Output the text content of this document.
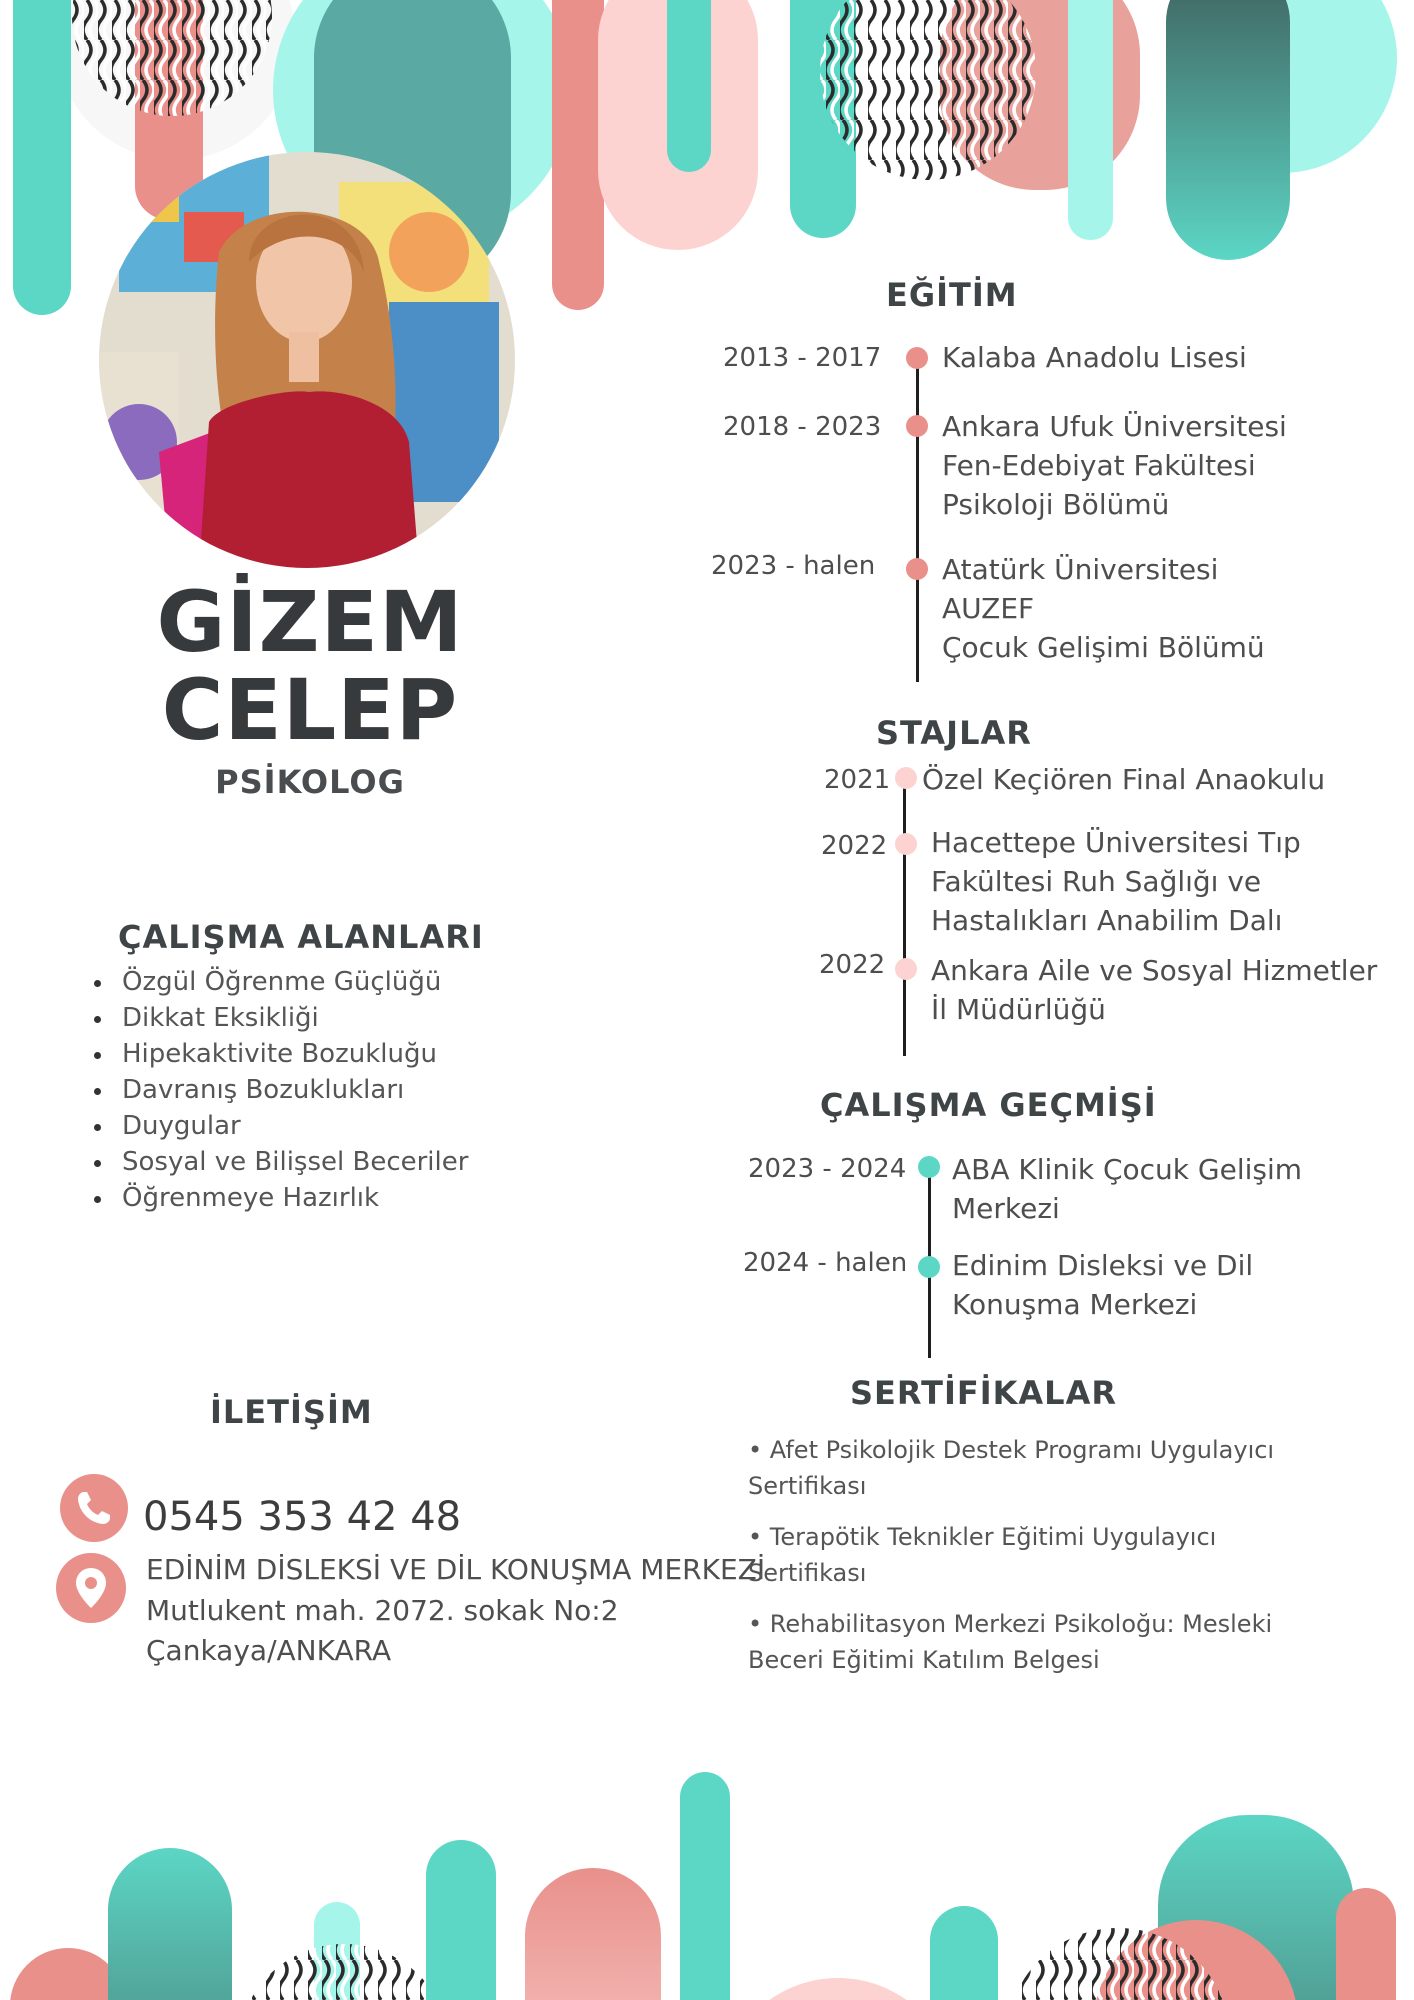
GİZEM
CELEP
PSİKOLOG
ÇALIŞMA ALANLARI
Özgül Öğrenme Güçlüğü
Dikkat Eksikliği
Hipekaktivite Bozukluğu
Davranış Bozuklukları
Duygular
Sosyal ve Bilişsel Beceriler
Öğrenmeye Hazırlık
İLETİŞİM
0545 353 42 48
EDİNİM DİSLEKSİ VE DİL KONUŞMA MERKEZİ
Mutlukent mah. 2072. sokak No:2
Çankaya/ANKARA
EĞİTİM
2013 - 2017 Kalaba Anadolu Lisesi
2018 - 2023 Ankara Ufuk Üniversitesi
Fen-Edebiyat Fakültesi
Psikoloji Bölümü
2023 - halen Atatürk Üniversitesi
AUZEF
Çocuk Gelişimi Bölümü
STAJLAR
2021 Özel Keçiören Final Anaokulu
2022 Hacettepe Üniversitesi Tıp
Fakültesi Ruh Sağlığı ve
Hastalıkları Anabilim Dalı
2022 Ankara Aile ve Sosyal Hizmetler
İl Müdürlüğü
ÇALIŞMA GEÇMİŞİ
2023 - 2024 ABA Klinik Çocuk Gelişim
Merkezi
2024 - halen Edinim Disleksi ve Dil
Konuşma Merkezi
SERTİFİKALAR
• Afet Psikolojik Destek Programı Uygulayıcı
Sertifikası
• Terapötik Teknikler Eğitimi Uygulayıcı
Sertifikası
• Rehabilitasyon Merkezi Psikoloğu: Mesleki
Beceri Eğitimi Katılım Belgesi
